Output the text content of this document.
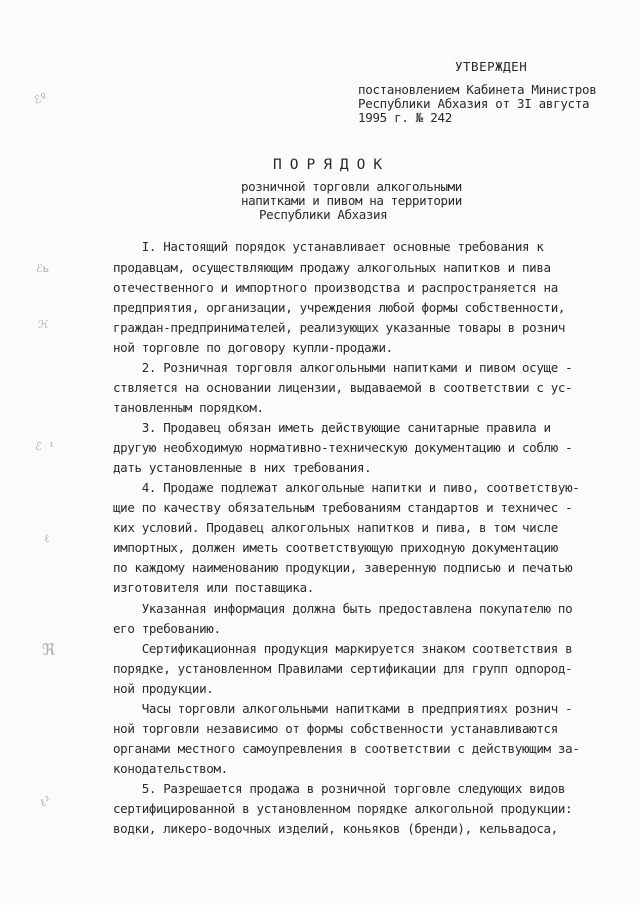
УТВЕРЖДЕН
постановлением Кабинета Министров
Республики Абхазия от 3I августа
1995 г. № 242
ПОРЯДОК
розничной торговли алкогольными
напитками и пивом на территории
Республики Абхазия
I. Настоящий порядок устанавливает основные требования к
продавцам, осуществляющим продажу алкогольных напитков и пива
отечественного и импортного производства и распространяется на
предприятия, организации, учреждения любой формы собственности,
граждан-предпринимателей, реализующих указанные товары в рознич
ной торговле по договору купли-продажи.
2. Розничная торговля алкогольными напитками и пивом осуще -
ствляется на основании лицензии, выдаваемой в соответствии с ус-
тановленным порядком.
3. Продавец обязан иметь действующие санитарные правила и
другую необходимую нормативно-техническую документацию и соблю -
дать установленные в них требования.
4. Продаже подлежат алкогольные напитки и пиво, соответствую-
щие по качеству обязательным требованиям стандартов и техничес -
ких условий. Продавец алкогольных напитков и пива, в том числе
импортных, должен иметь соответствующую приходную документацию
по каждому наименованию продукции, заверенную подписью и печатью
изготовителя или поставщика.
Указанная информация должна быть предоставлена покупателю по
его требованию.
Сертификационная продукция маркируется знаком соответствия в
порядке, установленном Правилами сертификации для групп одnoрод-
ной продукции.
Часы торговли алкогольными напитками в предприятиях рознич -
ной торговли независимо от формы собственности устанавливаются
органами местного самоупревления в соответствии с действующим за-
конодательством.
5. Разрешается продажа в розничной торговле следующих видов
сертифицированной в установленном порядке алкогольной продукции:
водки, ликеро-водочных изделий, коньяков (бренди), кельвадоса,
ℰº
ℰь
ℋ
ℰ ¹
ℓ
ℜ
ℓ²
